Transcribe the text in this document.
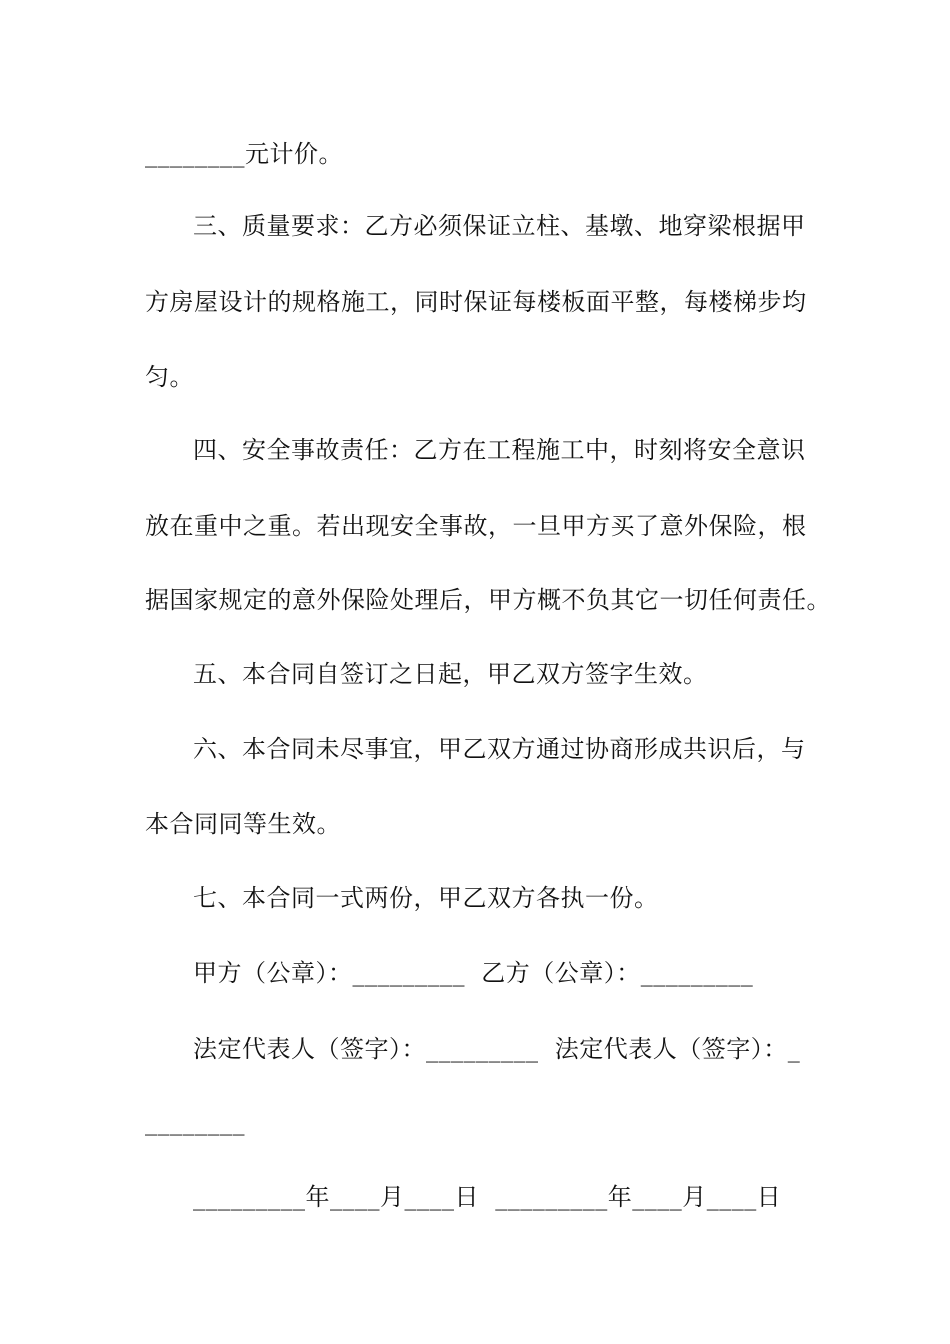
________元计价。
三、质量要求：乙方必须保证立柱、基墩、地穿梁根据甲
方房屋设计的规格施工，同时保证每楼板面平整，每楼梯步均
匀。
四、安全事故责任：乙方在工程施工中，时刻将安全意识
放在重中之重。若出现安全事故，一旦甲方买了意外保险，根
据国家规定的意外保险处理后，甲方概不负其它一切任何责任。
五、本合同自签订之日起，甲乙双方签字生效。
六、本合同未尽事宜，甲乙双方通过协商形成共识后，与
本合同同等生效。
七、本合同一式两份，甲乙双方各执一份。
甲方（公章）：_________  乙方（公章）：_________
法定代表人（签字）：_________  法定代表人（签字）：_
________
_________年____月____日  _________年____月____日
